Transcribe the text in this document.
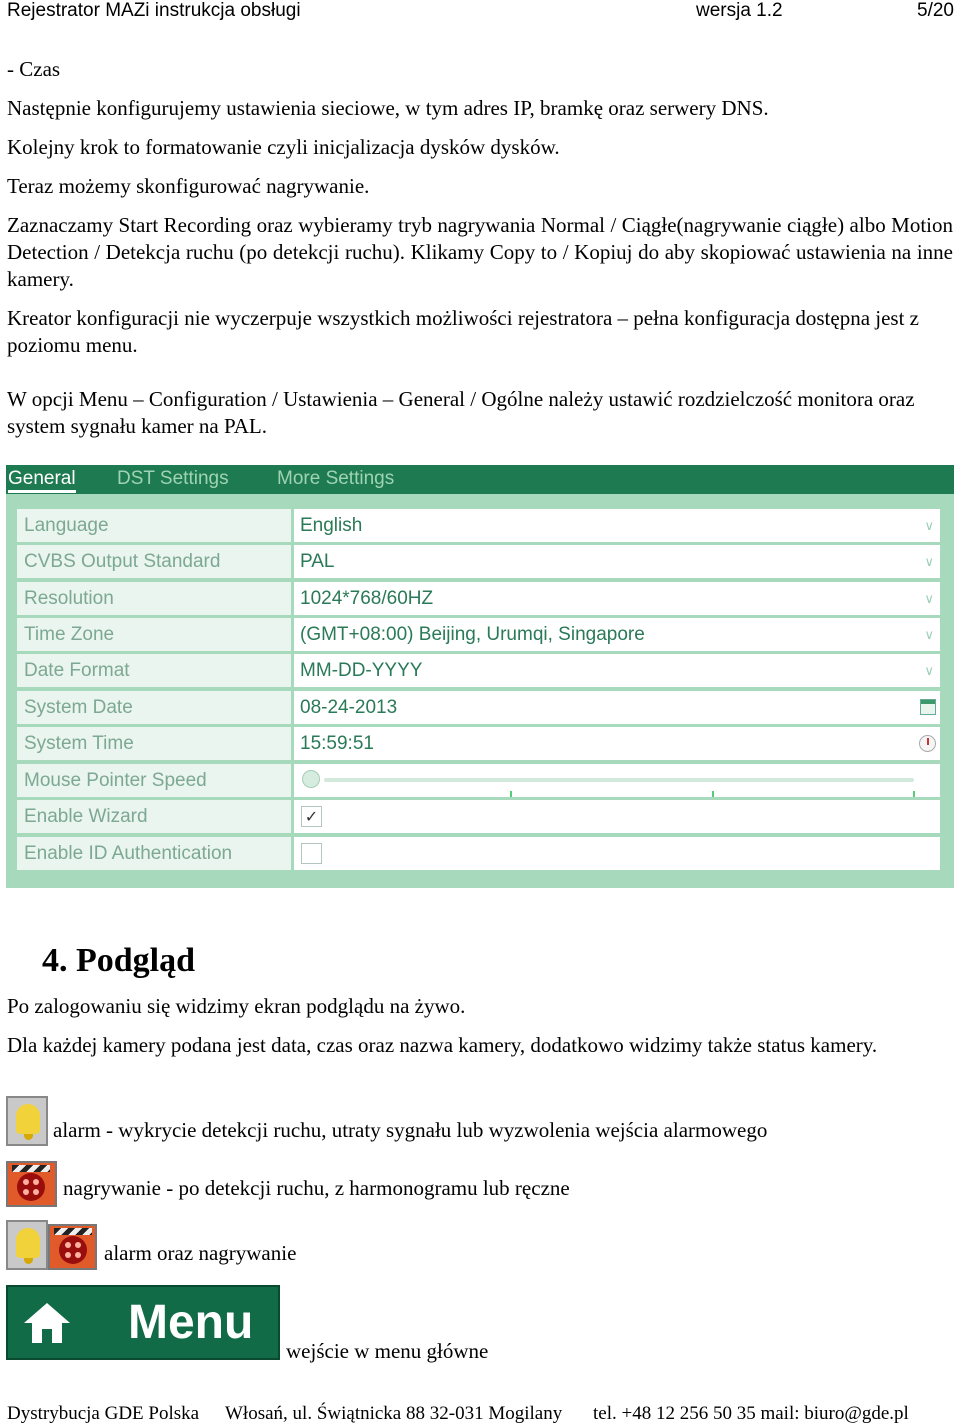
Rejestrator MAZi instrukcja obsługi	wersja 1.2	5/20

- Czas

Następnie konfigurujemy ustawienia sieciowe, w tym adres IP, bramkę oraz serwery DNS.

Kolejny krok to formatowanie czyli inicjalizacja dysków dysków.

Teraz możemy skonfigurować nagrywanie.

Zaznaczamy Start Recording oraz wybieramy tryb nagrywania Normal / Ciągłe(nagrywanie ciągłe) albo Motion Detection / Detekcja ruchu (po detekcji ruchu). Klikamy Copy to / Kopiuj do aby skopiować ustawienia na inne kamery.

Kreator konfiguracji nie wyczerpuje wszystkich możliwości rejestratora – pełna konfiguracja dostępna jest z poziomu menu.

W opcji Menu – Configuration / Ustawienia – General / Ogólne należy ustawić rozdzielczość monitora oraz system sygnału kamer na PAL.

General DST Settings	More Settings
Language	English	∨
CVBS Output Standard	PAL	∨
Resolution	1024*768/60HZ	∨
Time Zone	(GMT+08:00) Beijing, Urumqi, Singapore	∨
Date Format	MM-DD-YYYY	∨
System Date	08-24-2013
System Time	15:59:51
Mouse Pointer Speed
Enable Wizard	✓
Enable ID Authentication
4. Podgląd

Po zalogowaniu się widzimy ekran podglądu na żywo.

Dla każdej kamery podana jest data, czas oraz nazwa kamery, dodatkowo widzimy także status kamery.

alarm - wykrycie detekcji ruchu, utraty sygnału lub wyzwolenia wejścia alarmowego
nagrywanie - po detekcji ruchu, z harmonogramu lub ręczne
alarm oraz nagrywanie
Menu
wejście w menu główne
Dystrybucja GDE Polska Włosań, ul. Świątnicka 88 32-031 Mogilany tel. +48 12 256 50 35 mail: biuro@gde.pl
